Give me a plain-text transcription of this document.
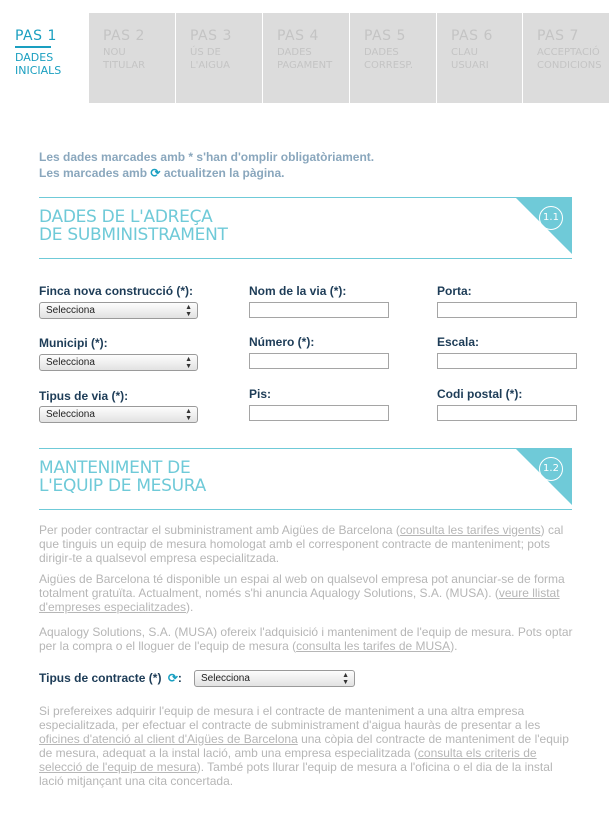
PAS 1
DADES
INICIALS
PAS 2
NOU
TITULAR
PAS 3
ÚS DE
L'AIGUA
PAS 4
DADES
PAGAMENT
PAS 5
DADES
CORRESP.
PAS 6
CLAU
USUARI
PAS 7
ACCEPTACIÓ
CONDICIONS
Les dades marcades amb * s'han d'omplir obligatòriament.
Les marcades amb ⟳ actualitzen la pàgina.
DADES DE L'ADREÇA
DE SUBMINISTRAMENT
1.1
Finca nova construcció (*):
Selecciona	▲
▼
Nom de la via (*):	Porta:
Municipi (*):
Selecciona	▲
▼
Número (*):	Escala:
Tipus de via (*):
Selecciona	▲
▼
Pis:	Codi postal (*):
MANTENIMENT DE
L'EQUIP DE MESURA
1.2
Per poder contractar el subministrament amb Aigües de Barcelona (consulta les tarifes vigents) cal que tinguis un equip de mesura homologat amb el corresponent contracte de manteniment; pots dirigir-te a qualsevol empresa especialitzada.
Aigües de Barcelona té disponible un espai al web on qualsevol empresa pot anunciar-se de forma totalment gratuïta. Actualment, només s'hi anuncia Aqualogy Solutions, S.A. (MUSA). (veure llistat d'empreses especialitzades).
Aqualogy Solutions, S.A. (MUSA) ofereix l'adquisició i manteniment de l'equip de mesura. Pots optar per la compra o el lloguer de l'equip de mesura (consulta les tarifes de MUSA).
Tipus de contracte (*) ⟳: Selecciona	▲
▼
Si prefereixes adquirir l'equip de mesura i el contracte de manteniment a una altra empresa especialitzada, per efectuar el contracte de subministrament d'aigua hauràs de presentar a les oficines d'atenció al client d'Aigües de Barcelona una còpia del contracte de manteniment de l'equip de mesura, adequat a la instal lació, amb una empresa especialitzada (consulta els criteris de selecció de l'equip de mesura). També pots llurar l'equip de mesura a l'oficina o el dia de la instal lació mitjançant una cita concertada.
